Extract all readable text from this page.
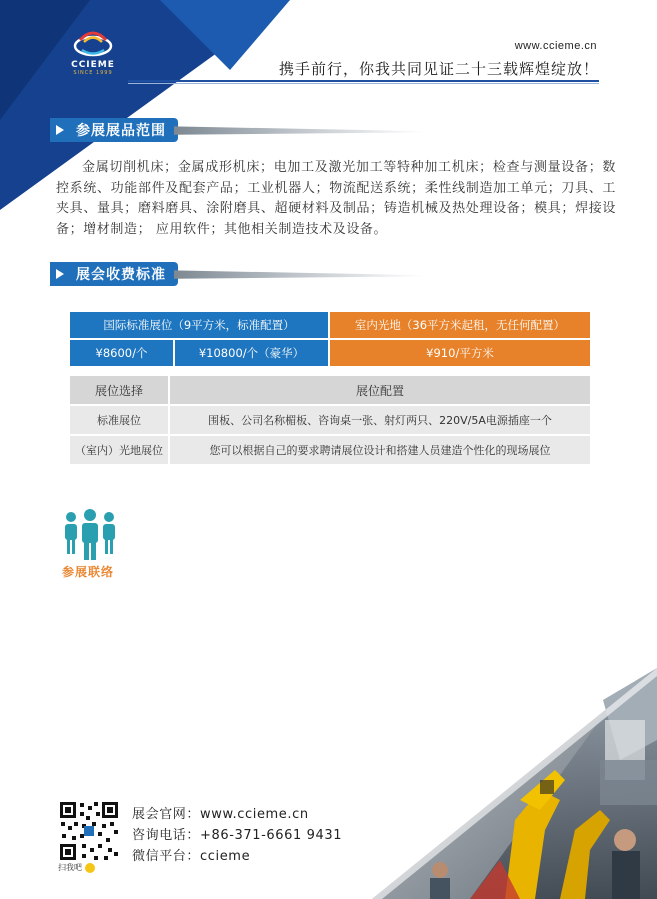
CCIEME
SINCE 1999
www.ccieme.cn
携手前行，你我共同见证二十三载辉煌绽放！
参展展品范围
金属切削机床；金属成形机床；电加工及激光加工等特种加工机床；检查与测量设备；数控系统、功能部件及配套产品；工业机器人；物流配送系统；柔性线制造加工单元；刀具、工夹具、量具；磨料磨具、涂附磨具、超硬材料及制品；铸造机械及热处理设备；模具；焊接设备；增材制造； 应用软件；其他相关制造技术及设备。
展会收费标准
国际标准展位（9平方米，标准配置）	室内光地（36平方米起租，无任何配置）
¥8600/个	¥10800/个（豪华）	¥910/平方米
展位选择	展位配置
标准展位	围板、公司名称楣板、咨询桌一张、射灯两只、220V/5A电源插座一个
（室内）光地展位	您可以根据自己的要求聘请展位设计和搭建人员建造个性化的现场展位
参展联络
扫我吧
展会官网：www.ccieme.cn
咨询电话：+86-371-6661 9431
微信平台：ccieme
